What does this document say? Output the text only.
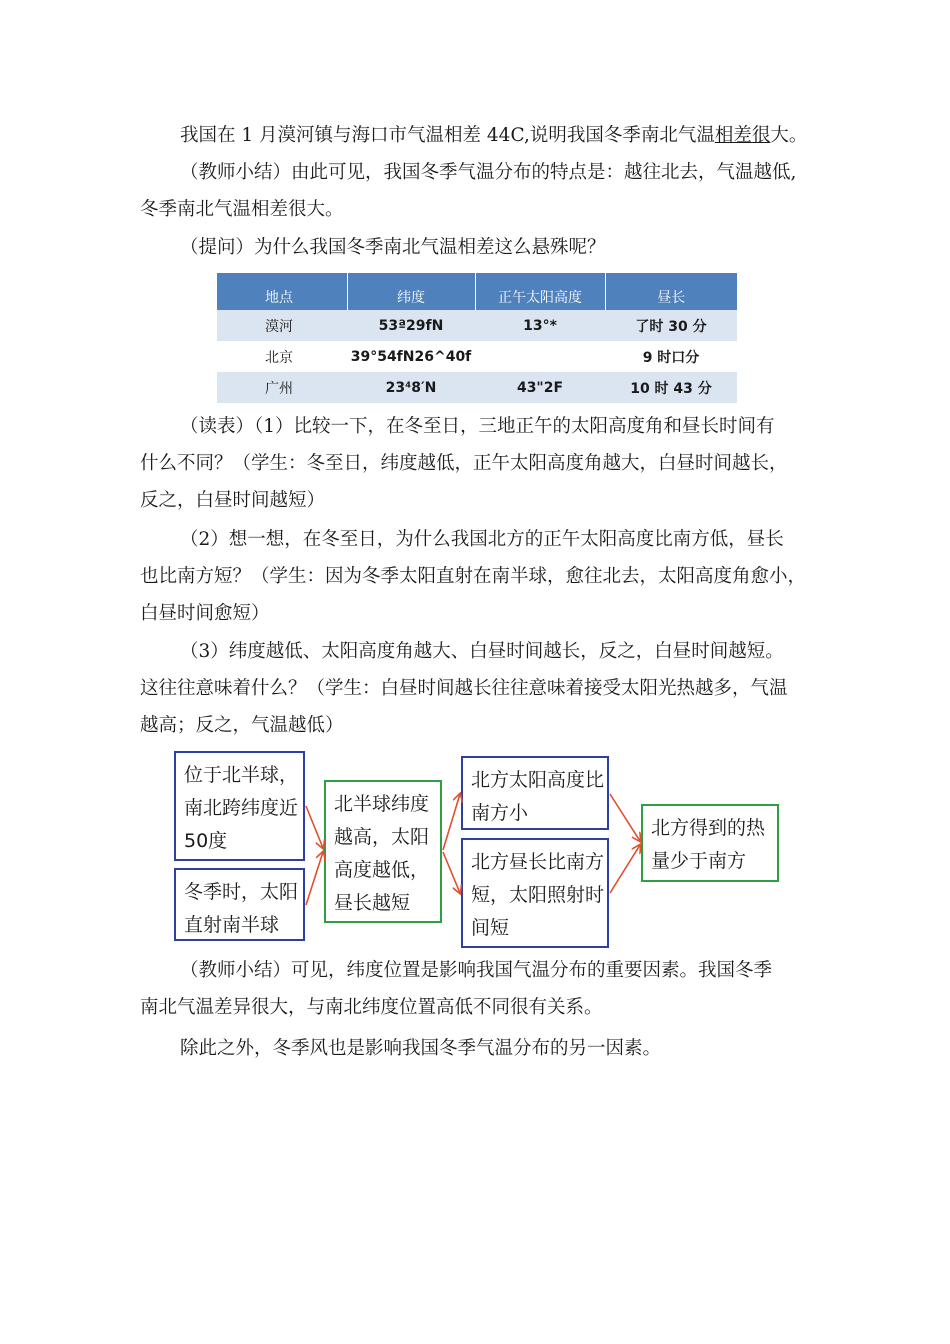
我国在 1 月漠河镇与海口市气温相差 44C,说明我国冬季南北气温相差很大。

（教师小结）由此可见，我国冬季气温分布的特点是：越往北去，气温越低,
冬季南北气温相差很大。

（提问）为什么我国冬季南北气温相差这么悬殊呢？

地点	纬度	正午太阳高度	昼长
漠河	53ª29fN	13°*	了时 30 分
北京	39°54fN26^40f		9 时口分
广州	23⁴8′N	43"2F	10 时 43 分

（读表）（1）比较一下，在冬至日，三地正午的太阳高度角和昼长时间有
什么不同？（学生：冬至日，纬度越低，正午太阳高度角越大，白昼时间越长，
反之，白昼时间越短）

（2）想一想，在冬至日，为什么我国北方的正午太阳高度比南方低，昼长
也比南方短？（学生：因为冬季太阳直射在南半球，愈往北去，太阳高度角愈小，
白昼时间愈短）

（3）纬度越低、太阳高度角越大、白昼时间越长，反之，白昼时间越短。
这往往意味着什么？（学生：白昼时间越长往往意味着接受太阳光热越多，气温
越高；反之，气温越低）

位于北半球，
南北跨纬度近
50度
冬季时，太阳
直射南半球
北半球纬度
越高，太阳
高度越低，
昼长越短
北方太阳高度比
南方小
北方昼长比南方
短，太阳照射时
间短
北方得到的热
量少于南方

（教师小结）可见，纬度位置是影响我国气温分布的重要因素。我国冬季
南北气温差异很大，与南北纬度位置高低不同很有关系。

除此之外，冬季风也是影响我国冬季气温分布的另一因素。
